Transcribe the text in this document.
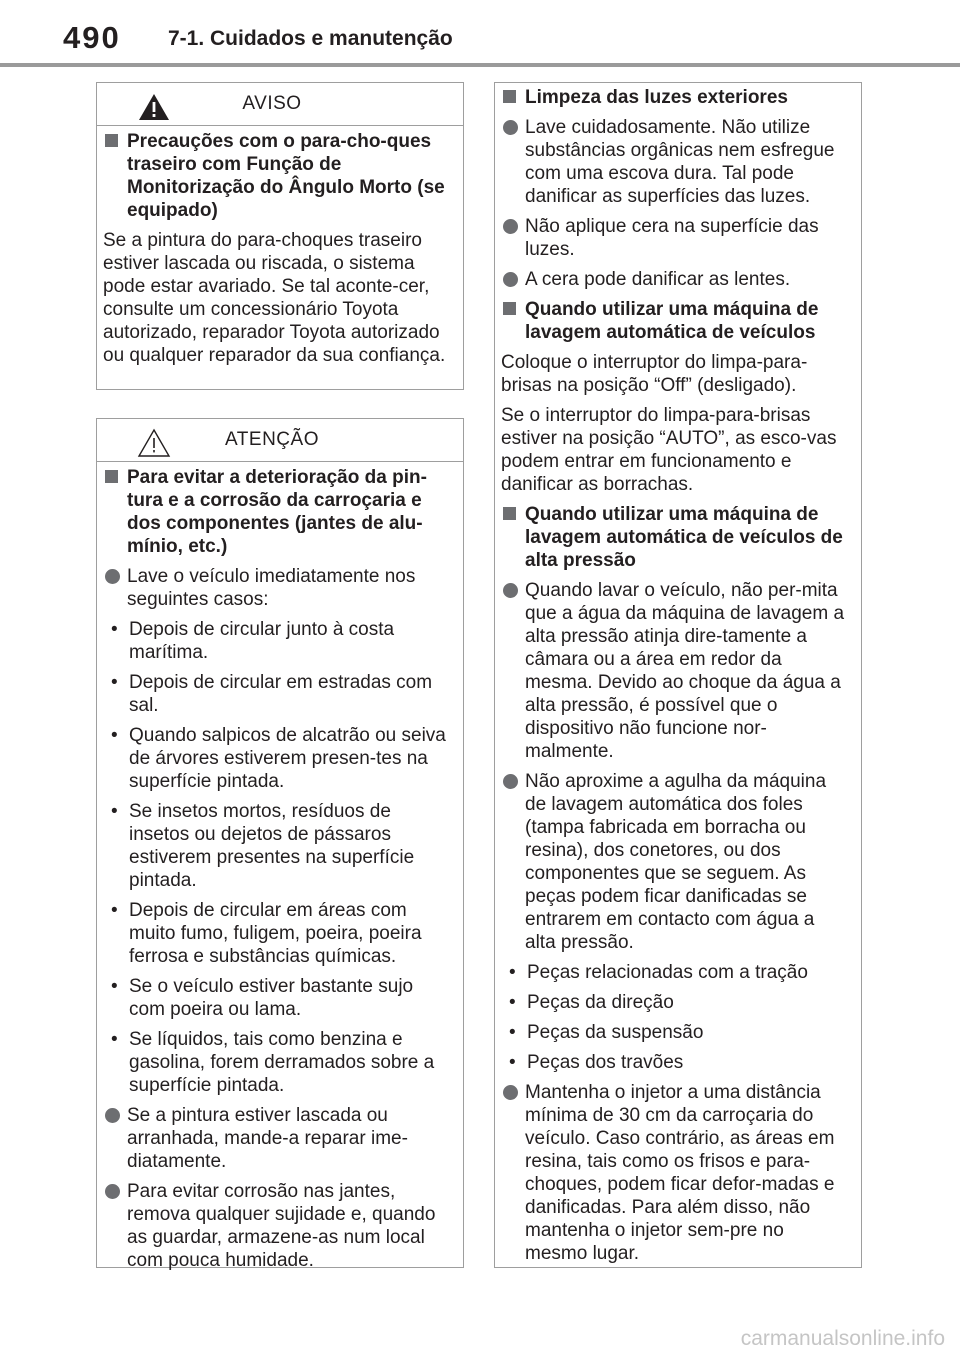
490 7-1. Cuidados e manutenção
AVISO
Precauções com o para-cho-ques traseiro com Função de Monitorização do Ângulo Morto (se equipado)
Se a pintura do para-choques traseiro estiver lascada ou riscada, o sistema pode estar avariado. Se tal aconte-cer, consulte um concessionário Toyota autorizado, reparador Toyota autorizado ou qualquer reparador da sua confiança.
ATENÇÃO
Para evitar a deterioração da pin-tura e a corrosão da carroçaria e dos componentes (jantes de alu-mínio, etc.)
Lave o veículo imediatamente nos seguintes casos:
• Depois de circular junto à costa marítima.
• Depois de circular em estradas com sal.
• Quando salpicos de alcatrão ou seiva de árvores estiverem presen-tes na superfície pintada.
• Se insetos mortos, resíduos de insetos ou dejetos de pássaros estiverem presentes na superfície pintada.
• Depois de circular em áreas com muito fumo, fuligem, poeira, poeira ferrosa e substâncias químicas.
• Se o veículo estiver bastante sujo com poeira ou lama.
• Se líquidos, tais como benzina e gasolina, forem derramados sobre a superfície pintada.
Se a pintura estiver lascada ou arranhada, mande-a reparar ime-diatamente.
Para evitar corrosão nas jantes, remova qualquer sujidade e, quando as guardar, armazene-as num local com pouca humidade.
Limpeza das luzes exteriores
Lave cuidadosamente. Não utilize substâncias orgânicas nem esfregue com uma escova dura. Tal pode danificar as superfícies das luzes.
Não aplique cera na superfície das luzes.
A cera pode danificar as lentes.
Quando utilizar uma máquina de lavagem automática de veículos
Coloque o interruptor do limpa-para-brisas na posição “Off” (desligado).
Se o interruptor do limpa-para-brisas estiver na posição “AUTO”, as esco-vas podem entrar em funcionamento e danificar as borrachas.
Quando utilizar uma máquina de lavagem automática de veículos de alta pressão
Quando lavar o veículo, não per-mita que a água da máquina de lavagem a alta pressão atinja dire-tamente a câmara ou a área em redor da mesma. Devido ao choque da água a alta pressão, é possível que o dispositivo não funcione nor-malmente.
Não aproxime a agulha da máquina de lavagem automática dos foles (tampa fabricada em borracha ou resina), dos conetores, ou dos componentes que se seguem. As peças podem ficar danificadas se entrarem em contacto com água a alta pressão.
• Peças relacionadas com a tração
• Peças da direção
• Peças da suspensão
• Peças dos travões
Mantenha o injetor a uma distância mínima de 30 cm da carroçaria do veículo. Caso contrário, as áreas em resina, tais como os frisos e para-choques, podem ficar defor-madas e danificadas. Para além disso, não mantenha o injetor sem-pre no mesmo lugar.
carmanualsonline.info
